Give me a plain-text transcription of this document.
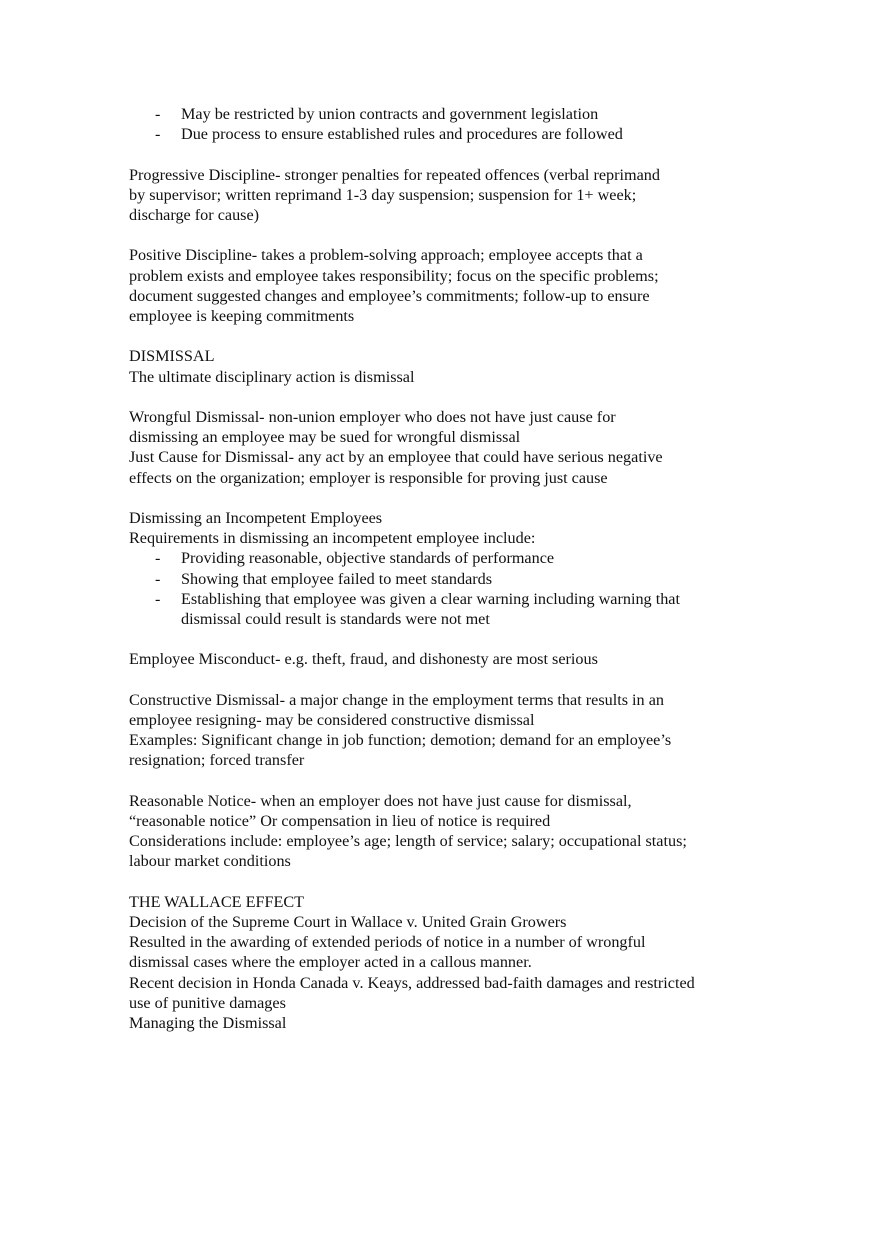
- May be restricted by union contracts and government legislation
- Due process to ensure established rules and procedures are followed
Progressive Discipline- stronger penalties for repeated offences (verbal reprimand
by supervisor; written reprimand 1-3 day suspension; suspension for 1+ week;
discharge for cause)
Positive Discipline- takes a problem-solving approach; employee accepts that a
problem exists and employee takes responsibility; focus on the specific problems;
document suggested changes and employee’s commitments; follow-up to ensure
employee is keeping commitments
DISMISSAL
The ultimate disciplinary action is dismissal
Wrongful Dismissal- non-union employer who does not have just cause for
dismissing an employee may be sued for wrongful dismissal
Just Cause for Dismissal- any act by an employee that could have serious negative
effects on the organization; employer is responsible for proving just cause
Dismissing an Incompetent Employees
Requirements in dismissing an incompetent employee include:
- Providing reasonable, objective standards of performance
- Showing that employee failed to meet standards
- Establishing that employee was given a clear warning including warning that
dismissal could result is standards were not met
Employee Misconduct- e.g. theft, fraud, and dishonesty are most serious
Constructive Dismissal- a major change in the employment terms that results in an
employee resigning- may be considered constructive dismissal
Examples: Significant change in job function; demotion; demand for an employee’s
resignation; forced transfer
Reasonable Notice- when an employer does not have just cause for dismissal,
“reasonable notice” Or compensation in lieu of notice is required
Considerations include: employee’s age; length of service; salary; occupational status;
labour market conditions
THE WALLACE EFFECT
Decision of the Supreme Court in Wallace v. United Grain Growers
Resulted in the awarding of extended periods of notice in a number of wrongful
dismissal cases where the employer acted in a callous manner.
Recent decision in Honda Canada v. Keays, addressed bad-faith damages and restricted
use of punitive damages
Managing the Dismissal
